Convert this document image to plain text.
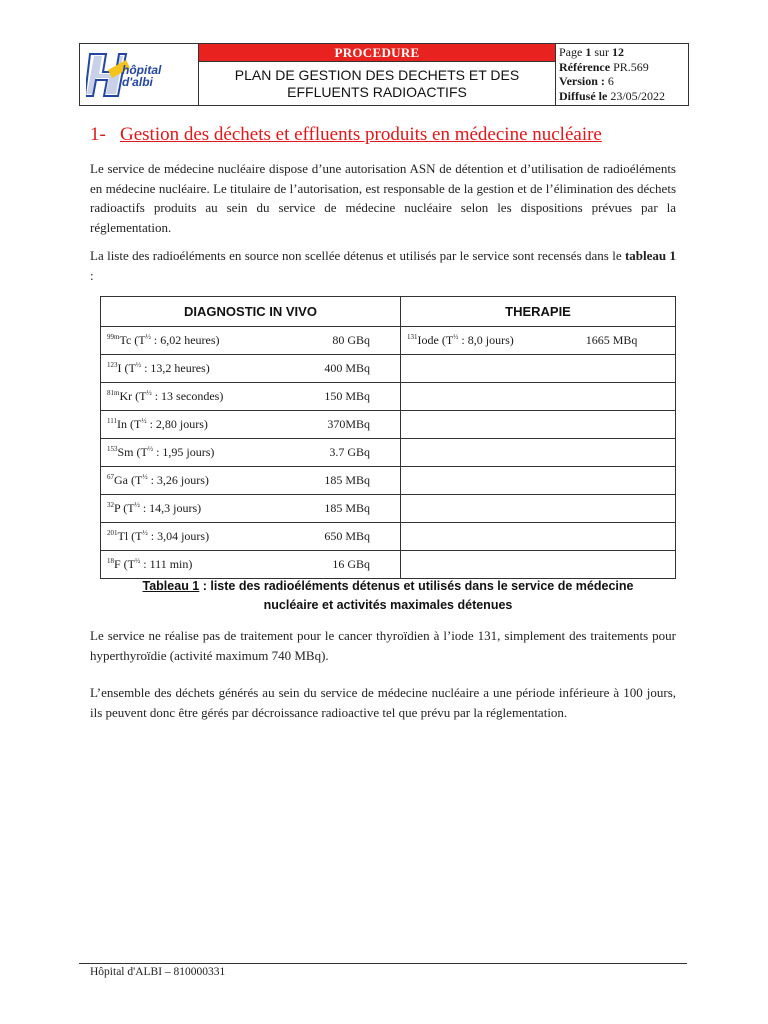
hôpital
d'albi
PROCEDURE
PLAN DE GESTION DES DECHETS ET DES
EFFLUENTS RADIOACTIFS
Page 1 sur 12
Référence PR.569
Version : 6
Diffusé le 23/05/2022
1- Gestion des déchets et effluents produits en médecine nucléaire
Le service de médecine nucléaire dispose d’une autorisation ASN de détention et d’utilisation de radioéléments en médecine nucléaire. Le titulaire de l’autorisation, est responsable de la gestion et de l’élimination des déchets radioactifs produits au sein du service de médecine nucléaire selon les dispositions prévues par la réglementation.
La liste des radioéléments en source non scellée détenus et utilisés par le service sont recensés dans le tableau 1 :
DIAGNOSTIC IN VIVO	THERAPIE

$^{99m}$Tc ($T^{\frac{1}{2}}$ : 6,02 heures) 80 GBq	$^{131}$Iode ($T^{\frac{1}{2}}$ : 8,0 jours) 1665 MBq

$^{123}$I ($T^{\frac{1}{2}}$ : 13,2 heures) 400 MBq	

$^{81m}$Kr ($T^{\frac{1}{2}}$ : 13 secondes) 150 MBq	

$^{111}$In ($T^{\frac{1}{2}}$ : 2,80 jours) 370MBq	

$^{153}$Sm ($T^{\frac{1}{2}}$ : 1,95 jours) 3.7 GBq	

$^{67}$Ga ($T^{\frac{1}{2}}$ : 3,26 jours) 185 MBq	

$^{32}$P ($T^{\frac{1}{2}}$ : 14,3 jours) 185 MBq	

$^{201}$Tl ($T^{\frac{1}{2}}$ : 3,04 jours) 650 MBq	

$^{18}$F ($T^{\frac{1}{2}}$ : 111 min) 16 GBq	

Tableau 1 : liste des radioéléments détenus et utilisés dans le service de médecine
nucléaire et activités maximales détenues
Le service ne réalise pas de traitement pour le cancer thyroïdien à l’iode 131, simplement des traitements pour hyperthyroïdie (activité maximum 740 MBq).
L’ensemble des déchets générés au sein du service de médecine nucléaire a une période inférieure à 100 jours, ils peuvent donc être gérés par décroissance radioactive tel que prévu par la réglementation.
Hôpital d'ALBI – 810000331
